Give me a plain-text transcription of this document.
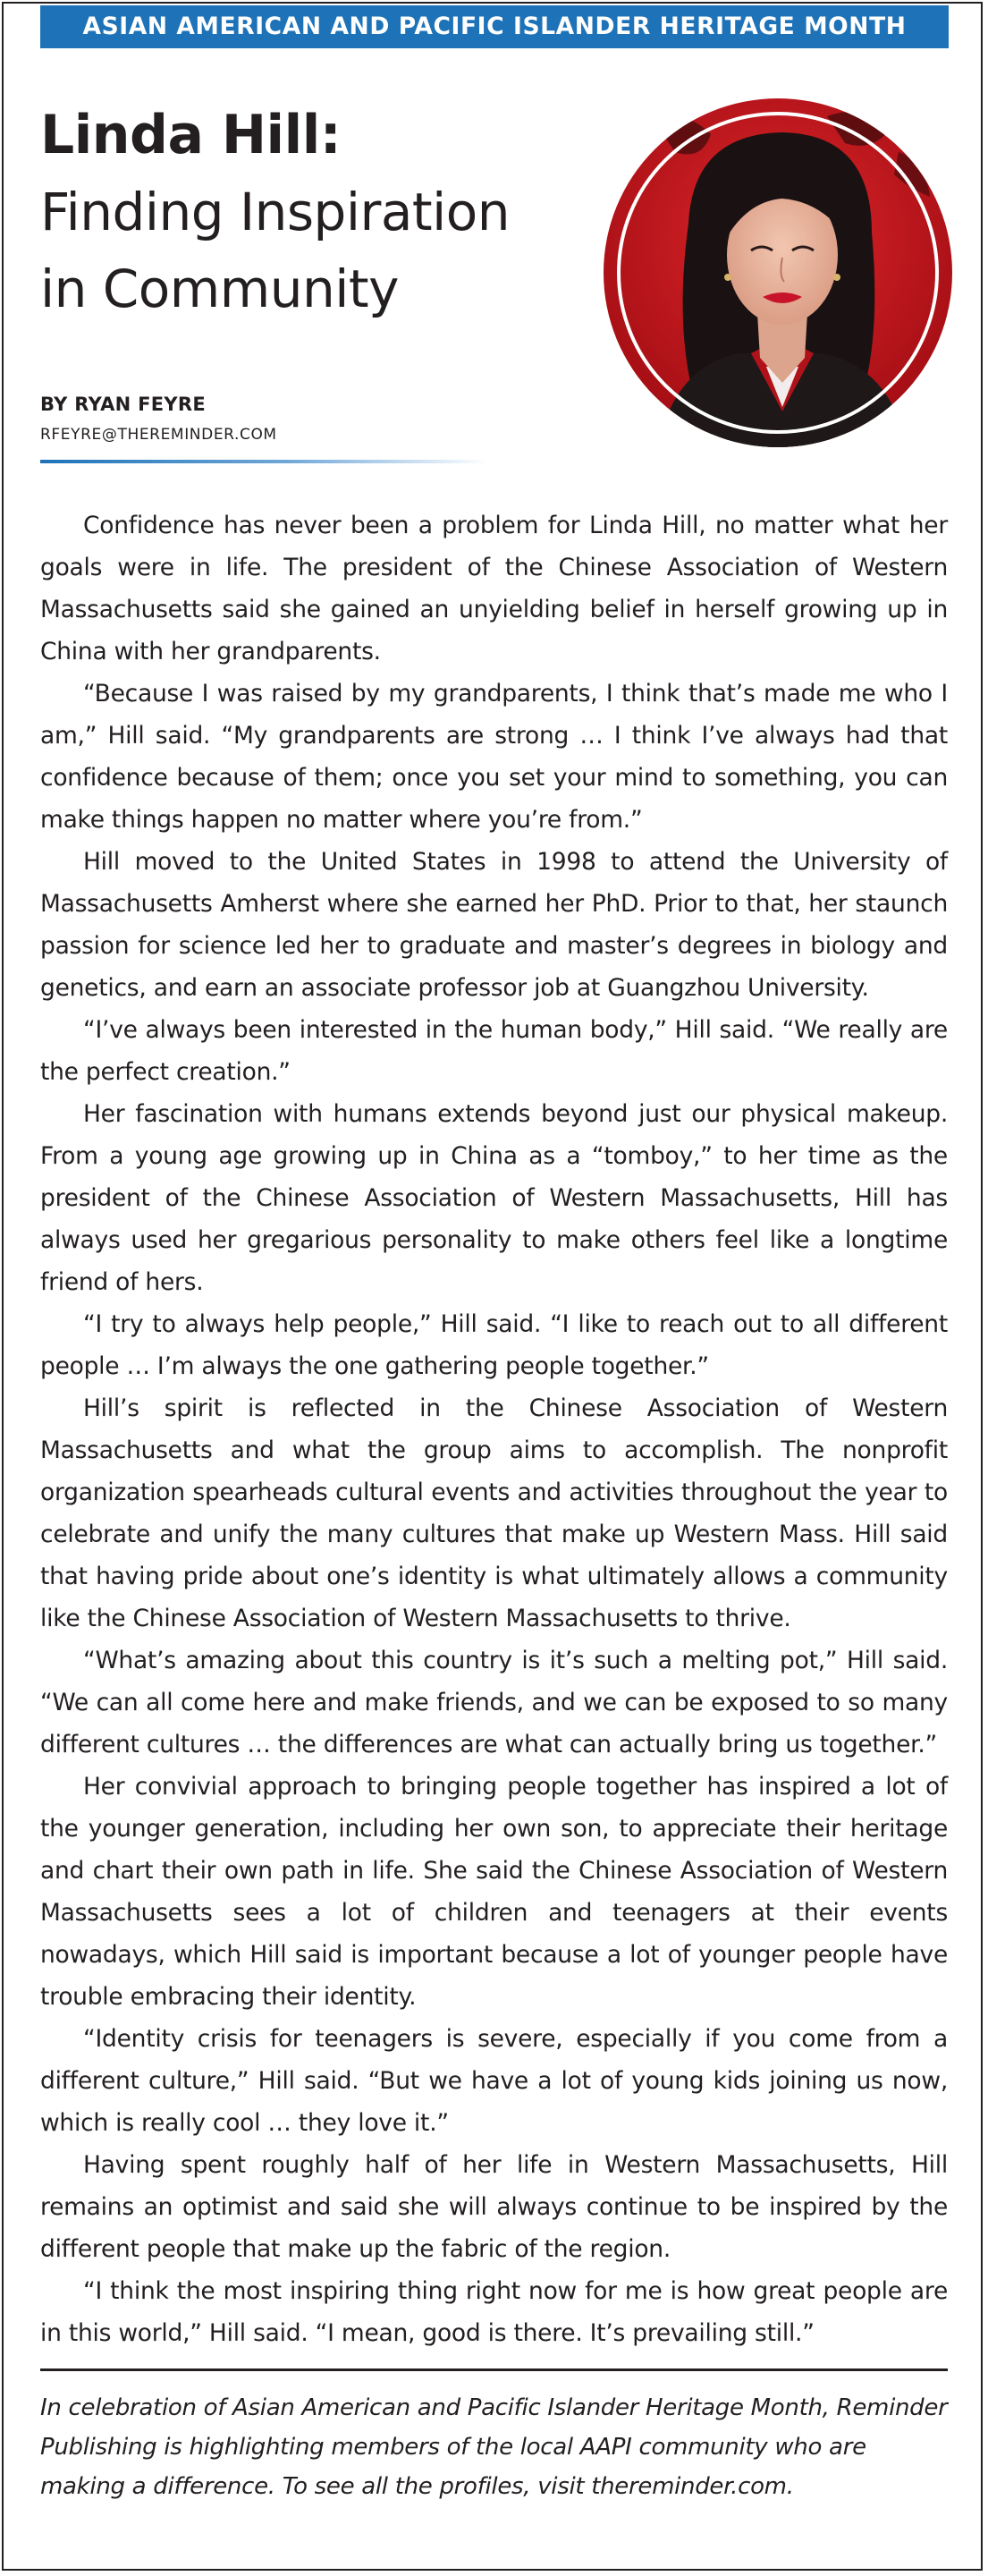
ASIAN AMERICAN AND PACIFIC ISLANDER HERITAGE MONTH
Linda Hill:
Finding Inspiration
in Community
BY RYAN FEYRE
RFEYRE@THEREMINDER.COM

Confidence has never been a problem for Linda Hill, no matter what her goals were in life. The president of the Chinese Association of Western Massachusetts said she gained an unyielding belief in herself growing up in China with her grandparents.

“Because I was raised by my grandparents, I think that’s made me who I am,” Hill said. “My grandparents are strong … I think I’ve always had that confidence because of them; once you set your mind to something, you can make things happen no matter where you’re from.”

Hill moved to the United States in 1998 to attend the University of Massachusetts Amherst where she earned her PhD. Prior to that, her staunch passion for science led her to graduate and master’s degrees in biology and genetics, and earn an associate professor job at Guangzhou University.

“I’ve always been interested in the human body,” Hill said. “We really are the perfect creation.”

Her fascination with humans extends beyond just our physical makeup. From a young age growing up in China as a “tomboy,” to her time as the president of the Chinese Association of Western Massachusetts, Hill has always used her gregarious personality to make others feel like a longtime friend of hers.

“I try to always help people,” Hill said. “I like to reach out to all different people … I’m always the one gathering people together.”

Hill’s spirit is reflected in the Chinese Association of Western Massachusetts and what the group aims to accomplish. The nonprofit organization spearheads cultural events and activities throughout the year to celebrate and unify the many cultures that make up Western Mass. Hill said that having pride about one’s identity is what ultimately allows a community like the Chinese Association of Western Massachusetts to thrive.

“What’s amazing about this country is it’s such a melting pot,” Hill said. “We can all come here and make friends, and we can be exposed to so many different cultures … the differences are what can actually bring us together.”

Her convivial approach to bringing people together has inspired a lot of the younger generation, including her own son, to appreciate their heritage and chart their own path in life. She said the Chinese Association of Western Massachusetts sees a lot of children and teenagers at their events nowadays, which Hill said is important because a lot of younger people have trouble embracing their identity.

“Identity crisis for teenagers is severe, especially if you come from a different culture,” Hill said. “But we have a lot of young kids joining us now, which is really cool … they love it.”

Having spent roughly half of her life in Western Massachusetts, Hill remains an optimist and said she will always continue to be inspired by the different people that make up the fabric of the region.

“I think the most inspiring thing right now for me is how great people are in this world,” Hill said. “I mean, good is there. It’s prevailing still.”

In celebration of Asian American and Pacific Islander Heritage Month, Reminder Publishing is highlighting members of the local AAPI community who are making a difference. To see all the profiles, visit thereminder.com.
